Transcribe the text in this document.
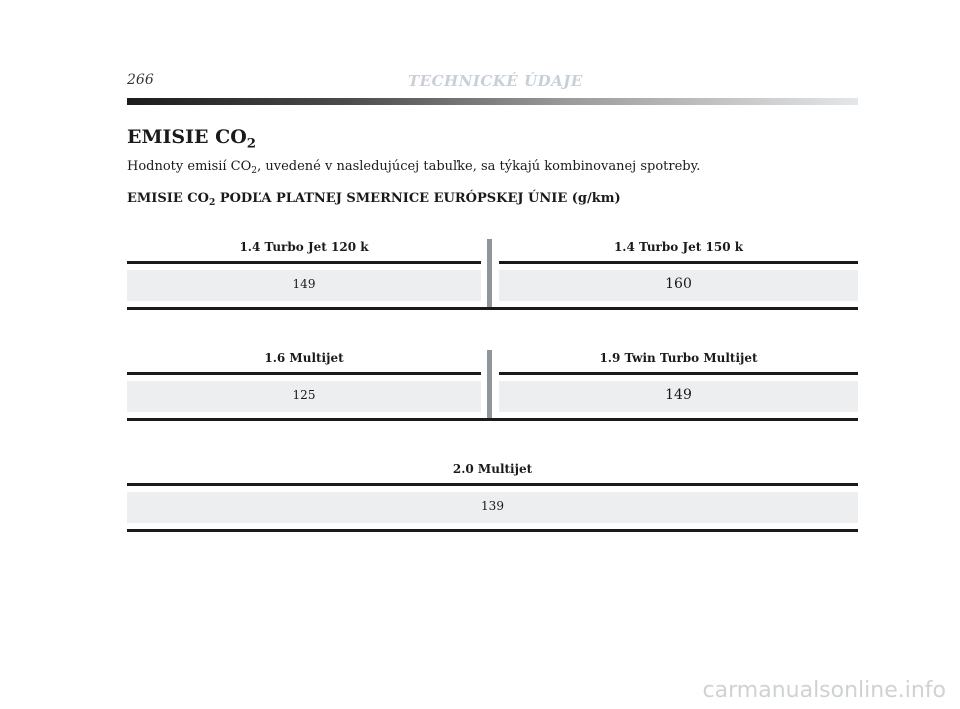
266	TECHNICKÉ ÚDAJE
EMISIE $CO_2$
Hodnoty emisií $CO_2$, uvedené v nasledujúcej tabuľke, sa týkajú kombinovanej spotreby.
EMISIE $CO_2$ PODĽA PLATNEJ SMERNICE EURÓPSKEJ ÚNIE (g/km)
1.4 Turbo Jet 120 k
149
1.4 Turbo Jet 150 k
160
1.6 Multijet
125
1.9 Twin Turbo Multijet
149
2.0 Multijet
139
carmanualsonline.info
